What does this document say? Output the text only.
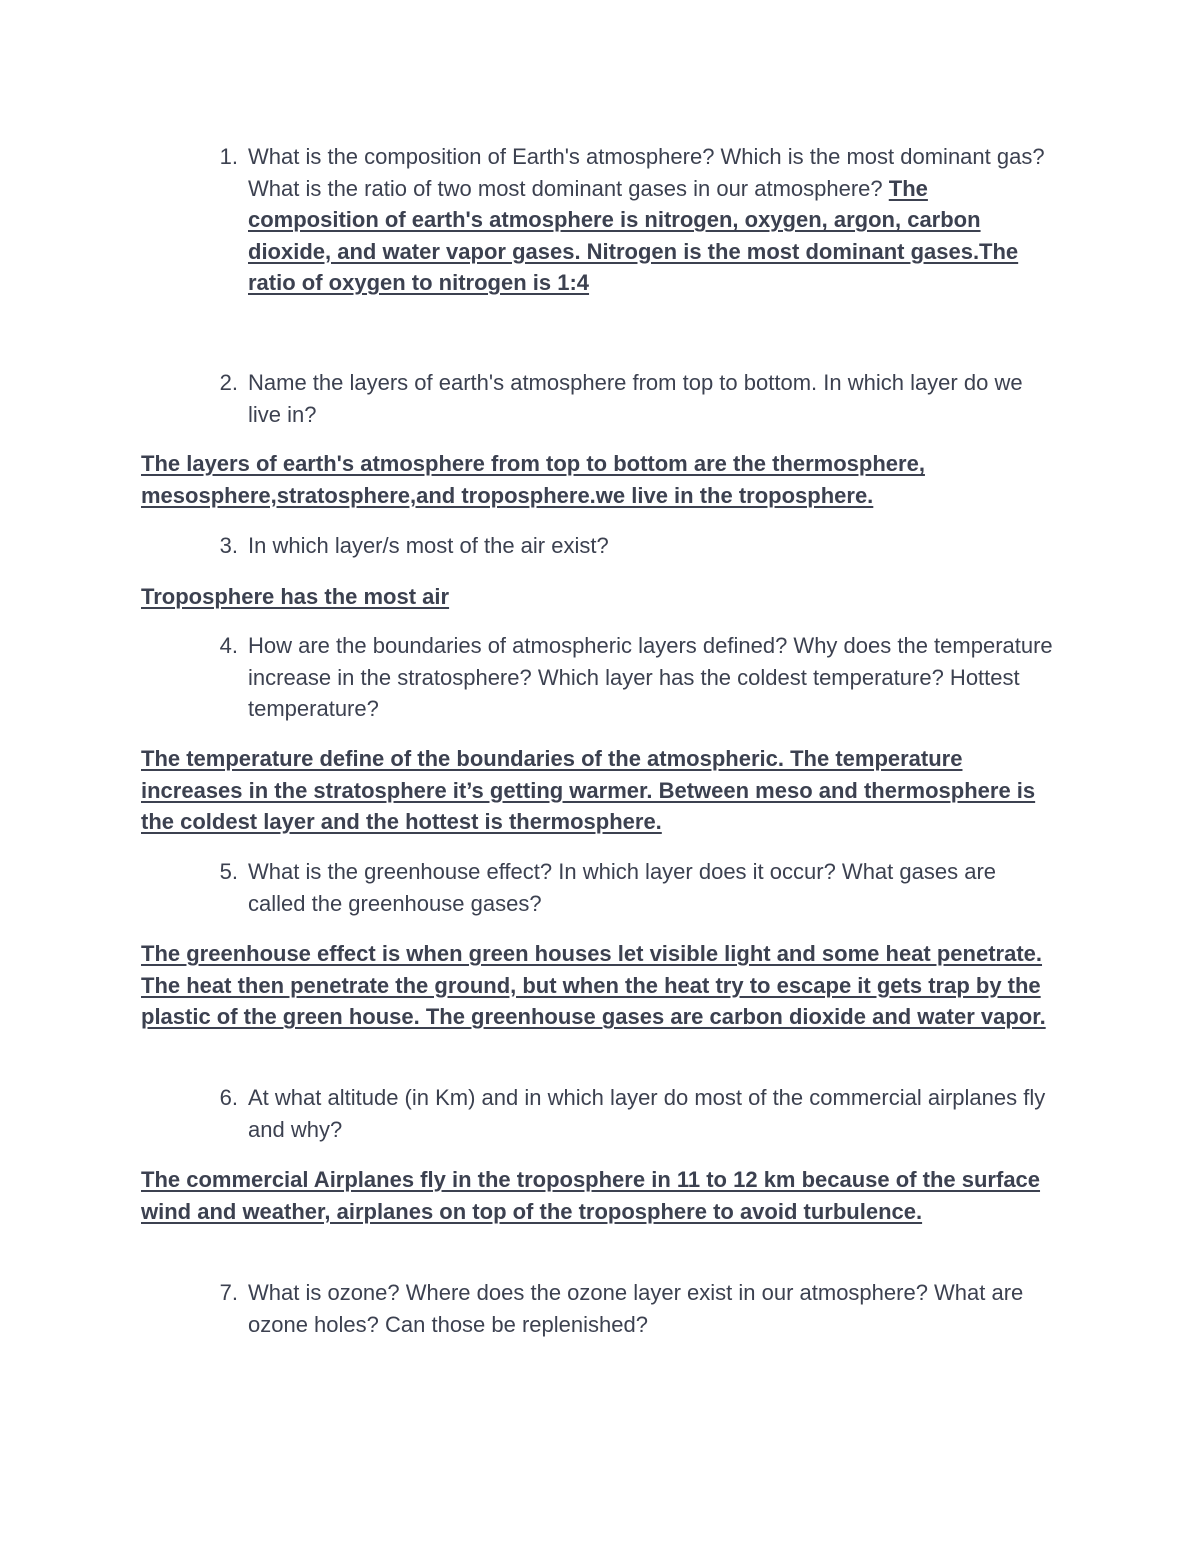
1. What is the composition of Earth's atmosphere? Which is the most dominant gas? What is the ratio of two most dominant gases in our atmosphere? The composition of earth's atmosphere is nitrogen, oxygen, argon, carbon dioxide, and water vapor gases. Nitrogen is the most dominant gases.The ratio of oxygen to nitrogen is 1:4
2. Name the layers of earth's atmosphere from top to bottom. In which layer do we live in?
The layers of earth's atmosphere from top to bottom are the thermosphere, mesosphere,stratosphere,and troposphere.we live in the troposphere.
3. In which layer/s most of the air exist?
Troposphere has the most air
4. How are the boundaries of atmospheric layers defined? Why does the temperature increase in the stratosphere? Which layer has the coldest temperature? Hottest temperature?
The temperature define of the boundaries of the atmospheric. The temperature increases in the stratosphere it’s getting warmer. Between meso and thermosphere is the coldest layer and the hottest is thermosphere.
5. What is the greenhouse effect? In which layer does it occur? What gases are called the greenhouse gases?
The greenhouse effect is when green houses let visible light and some heat penetrate. The heat then penetrate the ground, but when the heat try to escape it gets trap by the plastic of the green house. The greenhouse gases are carbon dioxide and water vapor.
6. At what altitude (in Km) and in which layer do most of the commercial airplanes fly and why?
The commercial Airplanes fly in the troposphere in 11 to 12 km because of the surface wind and weather, airplanes on top of the troposphere to avoid turbulence.
7. What is ozone? Where does the ozone layer exist in our atmosphere? What are ozone holes? Can those be replenished?
